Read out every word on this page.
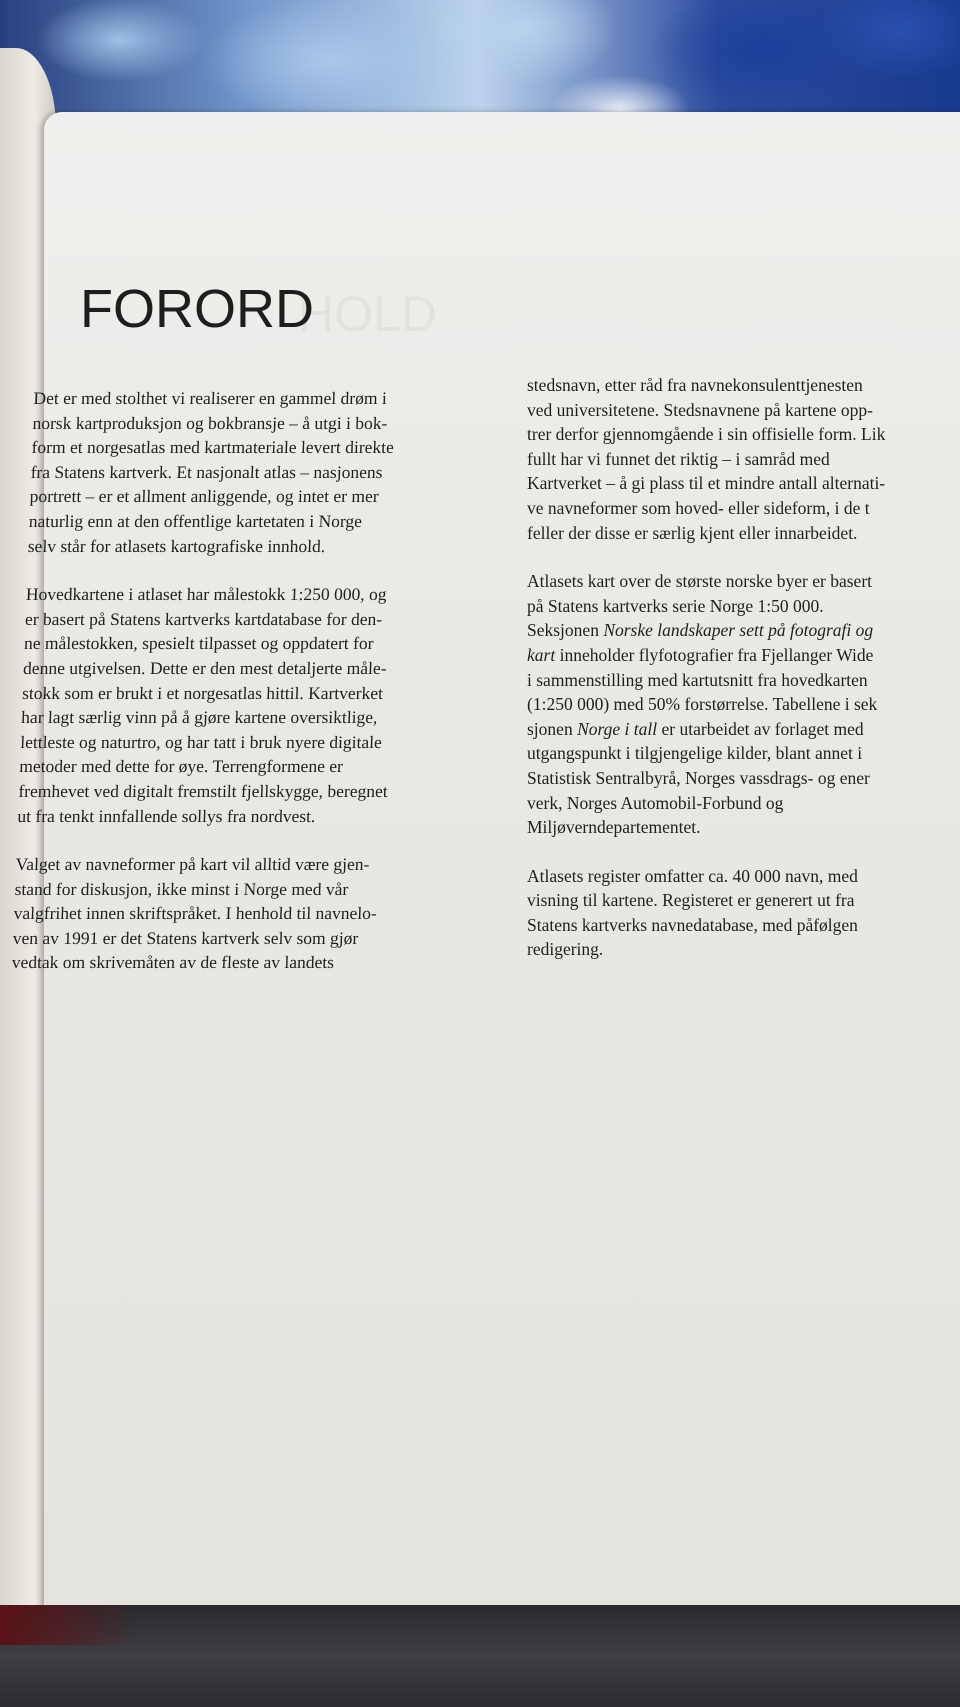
HOLD
FORORD

Det er med stolthet vi realiserer en gammel drøm i
norsk kartproduksjon og bokbransje – å utgi i bok-
form et norgesatlas med kartmateriale levert direkte
fra Statens kartverk. Et nasjonalt atlas – nasjonens
portrett – er et allment anliggende, og intet er mer
naturlig enn at den offentlige kartetaten i Norge
selv står for atlasets kartografiske innhold.

Hovedkartene i atlaset har målestokk 1:250 000, og
er basert på Statens kartverks kartdatabase for den-
ne målestokken, spesielt tilpasset og oppdatert for
denne utgivelsen. Dette er den mest detaljerte måle-
stokk som er brukt i et norgesatlas hittil. Kartverket
har lagt særlig vinn på å gjøre kartene oversiktlige,
lettleste og naturtro, og har tatt i bruk nyere digitale
metoder med dette for øye. Terrengformene er
fremhevet ved digitalt fremstilt fjellskygge, beregnet
ut fra tenkt innfallende sollys fra nordvest.

Valget av navneformer på kart vil alltid være gjen-
stand for diskusjon, ikke minst i Norge med vår
valgfrihet innen skriftspråket. I henhold til navnelo-
ven av 1991 er det Statens kartverk selv som gjør
vedtak om skrivemåten av de fleste av landets

stedsnavn, etter råd fra navnekonsulenttjenesten
ved universitetene. Stedsnavnene på kartene opp-
trer derfor gjennomgående i sin offisielle form. Lik
fullt har vi funnet det riktig – i samråd med
Kartverket – å gi plass til et mindre antall alternati-
ve navneformer som hoved- eller sideform, i de t
feller der disse er særlig kjent eller innarbeidet.

Atlasets kart over de største norske byer er basert
på Statens kartverks serie Norge 1:50 000.
Seksjonen Norske landskaper sett på fotografi og
kart inneholder flyfotografier fra Fjellanger Wide
i sammenstilling med kartutsnitt fra hovedkarten
(1:250 000) med 50% forstørrelse. Tabellene i sek
sjonen Norge i tall er utarbeidet av forlaget med
utgangspunkt i tilgjengelige kilder, blant annet i
Statistisk Sentralbyrå, Norges vassdrags- og ener
verk, Norges Automobil-Forbund og
Miljøverndepartementet.

Atlasets register omfatter ca. 40 000 navn, med
visning til kartene. Registeret er generert ut fra
Statens kartverks navnedatabase, med påfølgen
redigering.
